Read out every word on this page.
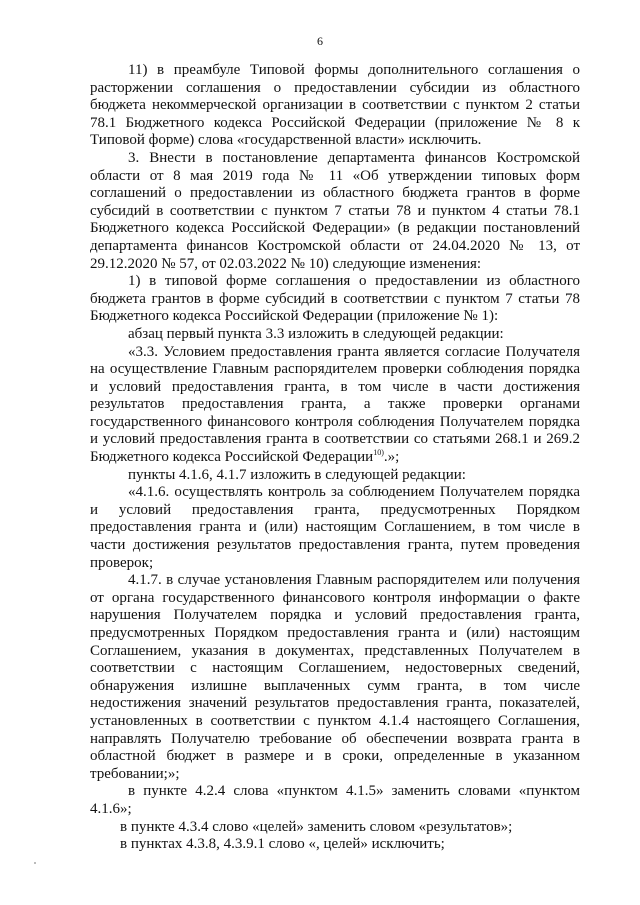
6

11) в преамбуле Типовой формы дополнительного соглашения о расторжении соглашения о предоставлении субсидии из областного бюджета некоммерческой организации в соответствии с пунктом 2 статьи 78.1 Бюджетного кодекса Российской Федерации (приложение № 8 к Типовой форме) слова «государственной власти» исключить.

3. Внести в постановление департамента финансов Костромской области от 8 мая 2019 года № 11 «Об утверждении типовых форм соглашений о предоставлении из областного бюджета грантов в форме субсидий в соответствии с пунктом 7 статьи 78 и пунктом 4 статьи 78.1 Бюджетного кодекса Российской Федерации» (в редакции постановлений департамента финансов Костромской области от 24.04.2020 № 13, от 29.12.2020 № 57, от 02.03.2022 № 10) следующие изменения:

1) в типовой форме соглашения о предоставлении из областного бюджета грантов в форме субсидий в соответствии с пунктом 7 статьи 78 Бюджетного кодекса Российской Федерации (приложение № 1):

абзац первый пункта 3.3 изложить в следующей редакции:

«3.3. Условием предоставления гранта является согласие Получателя на осуществление Главным распорядителем проверки соблюдения порядка и условий предоставления гранта, в том числе в части достижения результатов предоставления гранта, а также проверки органами государственного финансового контроля соблюдения Получателем порядка и условий предоставления гранта в соответствии со статьями 268.1 и 269.2 Бюджетного кодекса Российской Федерации$^{10)}$.»;

пункты 4.1.6, 4.1.7 изложить в следующей редакции:

«4.1.6. осуществлять контроль за соблюдением Получателем порядка и условий предоставления гранта, предусмотренных Порядком предоставления гранта и (или) настоящим Соглашением, в том числе в части достижения результатов предоставления гранта, путем проведения проверок;

4.1.7. в случае установления Главным распорядителем или получения от органа государственного финансового контроля информации о факте нарушения Получателем порядка и условий предоставления гранта, предусмотренных Порядком предоставления гранта и (или) настоящим Соглашением, указания в документах, представленных Получателем в соответствии с настоящим Соглашением, недостоверных сведений, обнаружения излишне выплаченных сумм гранта, в том числе недостижения значений результатов предоставления гранта, показателей, установленных в соответствии с пунктом 4.1.4 настоящего Соглашения, направлять Получателю требование об обеспечении возврата гранта в областной бюджет в размере и в сроки, определенные в указанном требовании;»;

в пункте 4.2.4 слова «пунктом 4.1.5» заменить словами «пунктом 4.1.6»;

в пункте 4.3.4 слово «целей» заменить словом «результатов»;

в пунктах 4.3.8, 4.3.9.1 слово «, целей» исключить;
